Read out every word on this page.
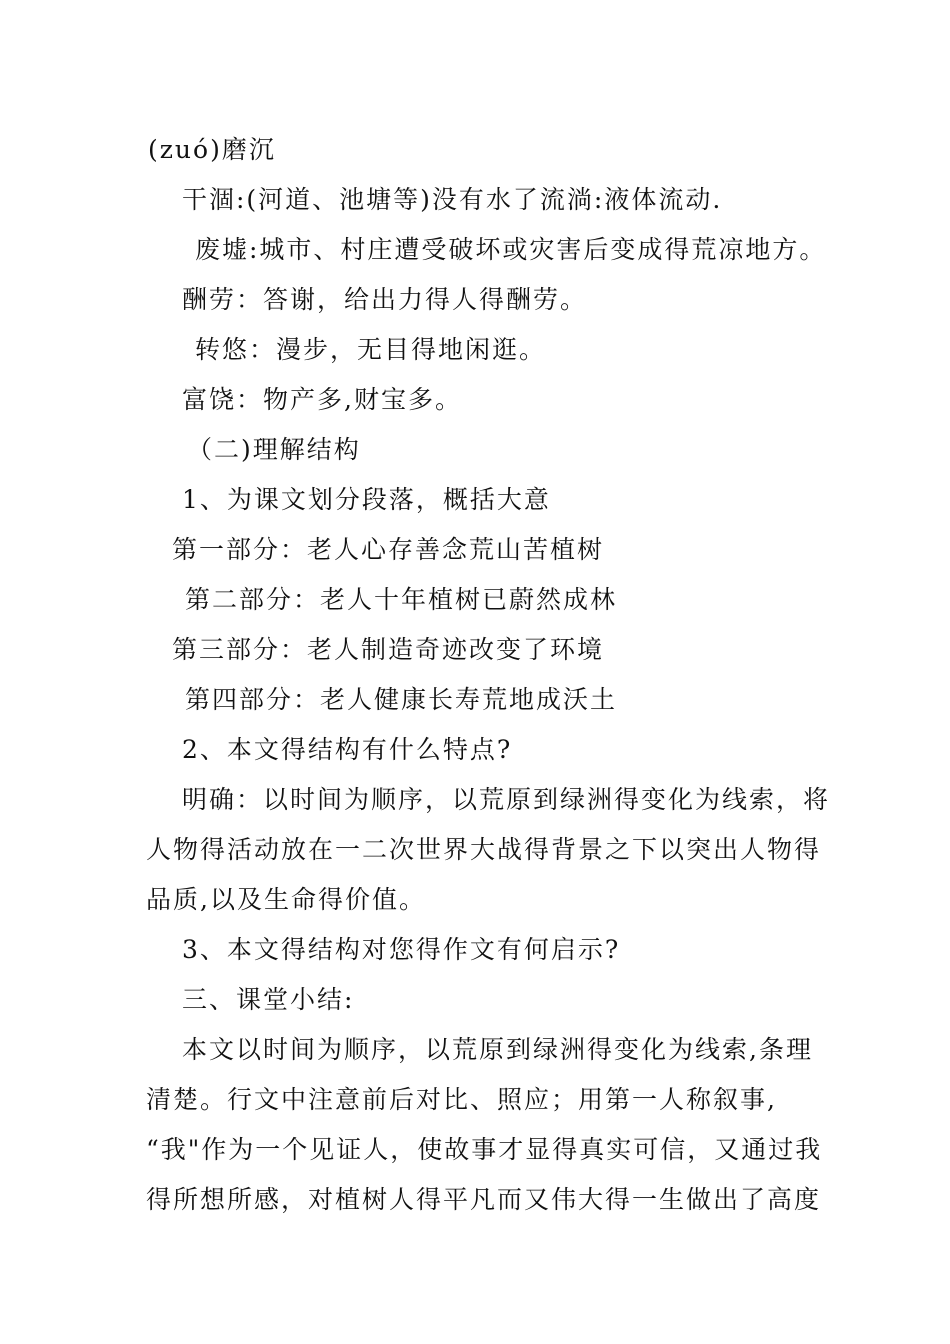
(zuó)磨沉
干涸:(河道、池塘等)没有水了流淌:液体流动.
废墟:城市、村庄遭受破坏或灾害后变成得荒凉地方。
酬劳：答谢，给出力得人得酬劳。
转悠：漫步，无目得地闲逛。
富饶：物产多,财宝多。
（二)理解结构
1、为课文划分段落，概括大意
第一部分：老人心存善念荒山苦植树
第二部分：老人十年植树已蔚然成林
第三部分：老人制造奇迹改变了环境
第四部分：老人健康长寿荒地成沃土
2、本文得结构有什么特点?
明确：以时间为顺序，以荒原到绿洲得变化为线索，将
人物得活动放在一二次世界大战得背景之下以突出人物得
品质,以及生命得价值。
3、本文得结构对您得作文有何启示?
三、课堂小结:
本文以时间为顺序，以荒原到绿洲得变化为线索,条理
清楚。行文中注意前后对比、照应；用第一人称叙事,
“我"作为一个见证人，使故事才显得真实可信，又通过我
得所想所感，对植树人得平凡而又伟大得一生做出了高度
